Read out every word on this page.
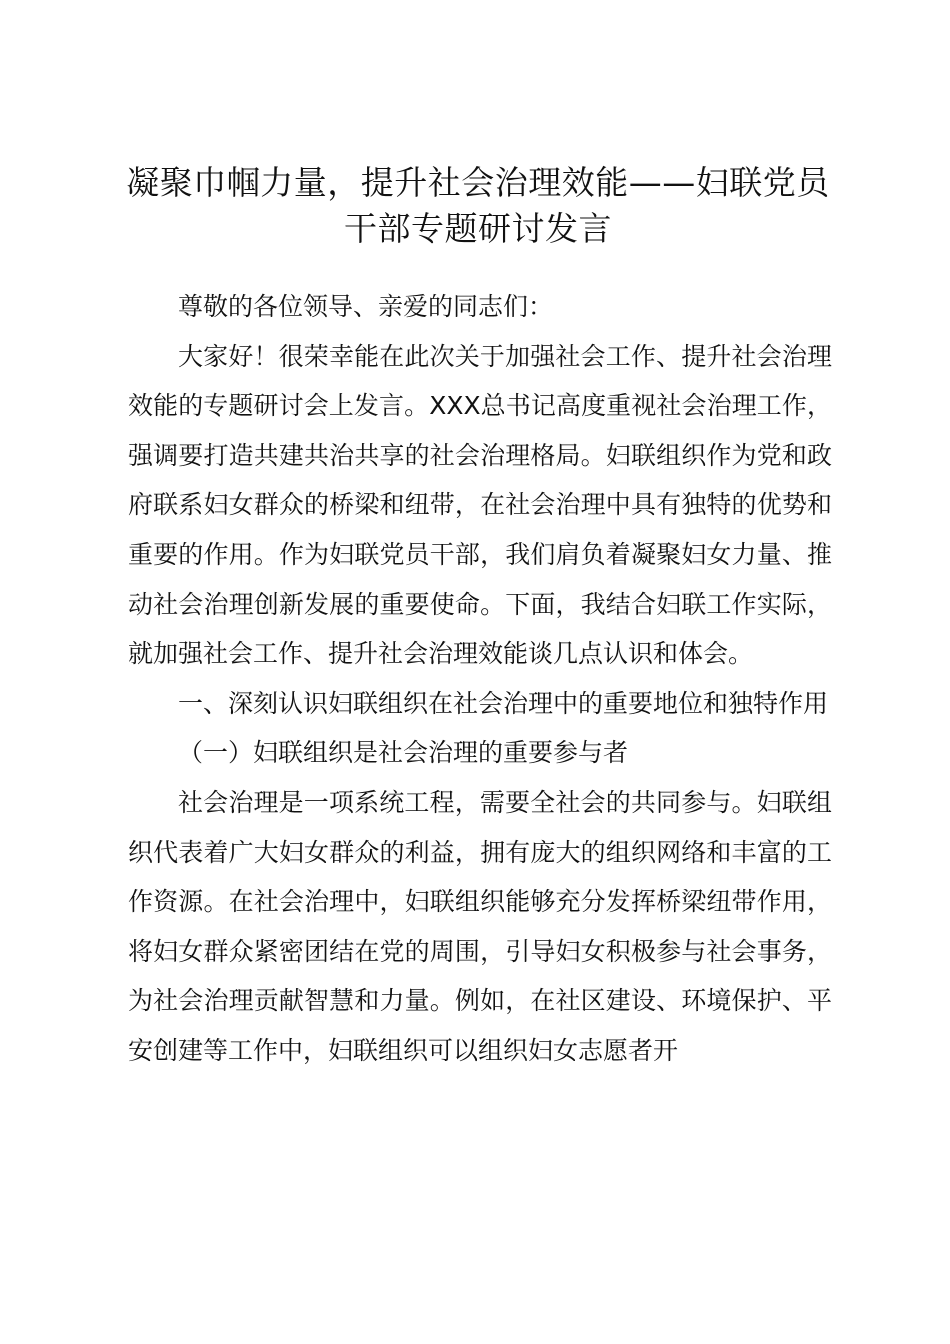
凝聚巾帼力量，提升社会治理效能——妇联党员干部专题研讨发言

尊敬的各位领导、亲爱的同志们：

大家好！很荣幸能在此次关于加强社会工作、提升社会治理效能的专题研讨会上发言。XXX总书记高度重视社会治理工作，强调要打造共建共治共享的社会治理格局。妇联组织作为党和政府联系妇女群众的桥梁和纽带，在社会治理中具有独特的优势和重要的作用。作为妇联党员干部，我们肩负着凝聚妇女力量、推动社会治理创新发展的重要使命。下面，我结合妇联工作实际，就加强社会工作、提升社会治理效能谈几点认识和体会。

一、深刻认识妇联组织在社会治理中的重要地位和独特作用

（一）妇联组织是社会治理的重要参与者

社会治理是一项系统工程，需要全社会的共同参与。妇联组织代表着广大妇女群众的利益，拥有庞大的组织网络和丰富的工作资源。在社会治理中，妇联组织能够充分发挥桥梁纽带作用，将妇女群众紧密团结在党的周围，引导妇女积极参与社会事务，为社会治理贡献智慧和力量。例如，在社区建设、环境保护、平安创建等工作中，妇联组织可以组织妇女志愿者开
